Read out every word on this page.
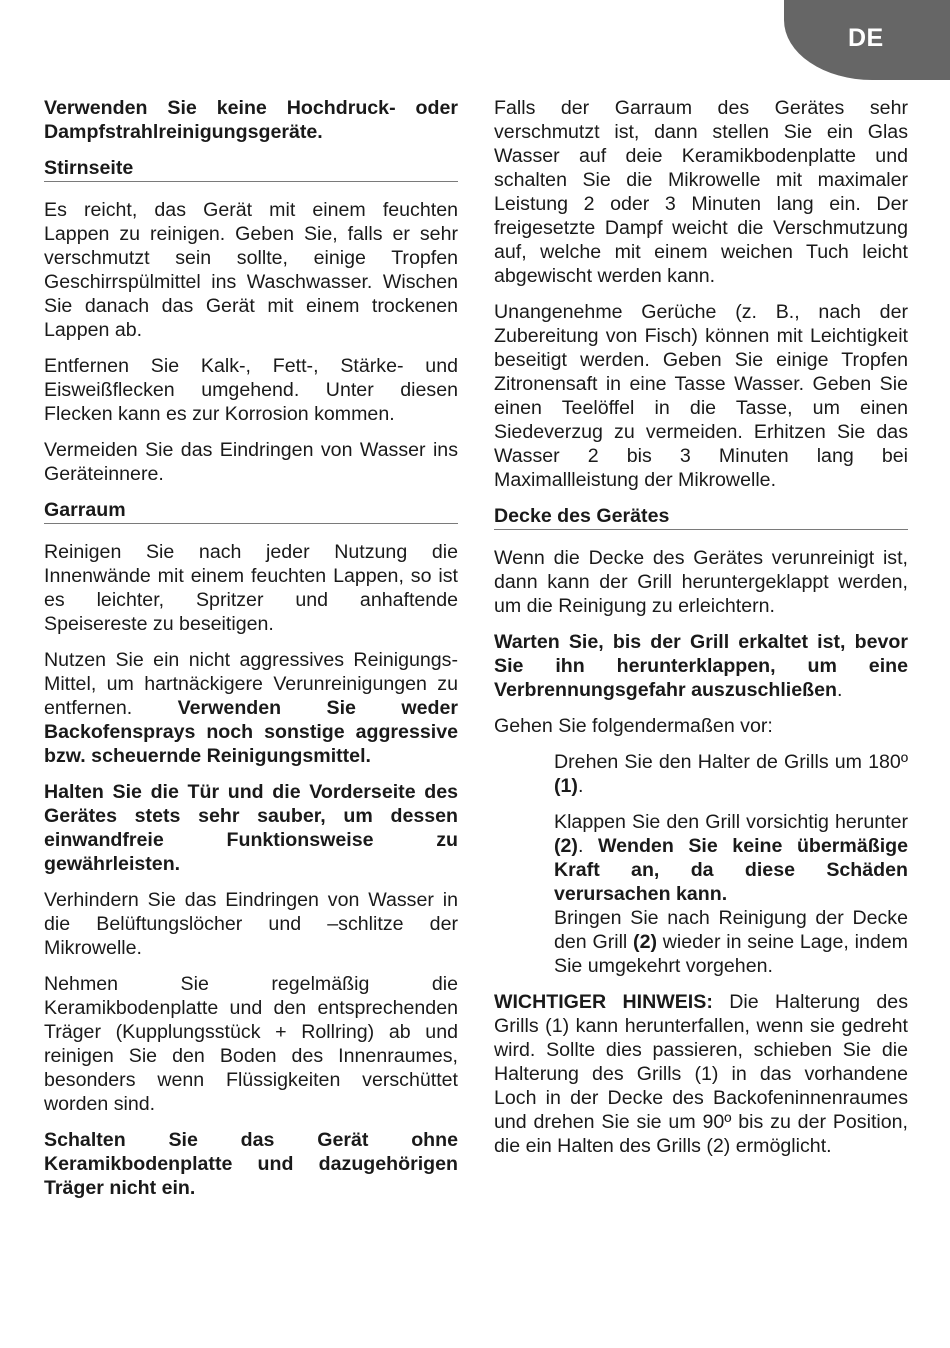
DE

Verwenden Sie keine Hochdruck- oder Dampfstrahlreinigungsgeräte.

Stirnseite

Es reicht, das Gerät mit einem feuchten Lappen zu reinigen. Geben Sie, falls er sehr verschmutzt sein sollte, einige Tropfen Geschirrspülmittel ins Waschwasser. Wischen Sie danach das Gerät mit einem trockenen Lappen ab.

Entfernen Sie Kalk-, Fett-, Stärke- und Eisweißflecken umgehend. Unter diesen Flecken kann es zur Korrosion kommen.

Vermeiden Sie das Eindringen von Wasser ins Geräteinnere.

Garraum

Reinigen Sie nach jeder Nutzung die Innenwände mit einem feuchten Lappen, so ist es leichter, Spritzer und anhaftende Speisereste zu beseitigen.

Nutzen Sie ein nicht aggressives Reinigungs-Mittel, um hartnäckigere Verunreinigungen zu entfernen. Verwenden Sie weder Backofensprays noch sonstige aggressive bzw. scheuernde Reinigungsmittel.

Halten Sie die Tür und die Vorderseite des Gerätes stets sehr sauber, um dessen einwandfreie Funktionsweise zu gewährleisten.

Verhindern Sie das Eindringen von Wasser in die Belüftungslöcher und –schlitze der Mikrowelle.

Nehmen Sie regelmäßig die Keramikbodenplatte und den entsprechenden Träger (Kupplungsstück + Rollring) ab und reinigen Sie den Boden des Innenraumes, besonders wenn Flüssigkeiten verschüttet worden sind.

Schalten Sie das Gerät ohne Keramikbodenplatte und dazugehörigen Träger nicht ein.

Falls der Garraum des Gerätes sehr verschmutzt ist, dann stellen Sie ein Glas Wasser auf deie Keramikbodenplatte und schalten Sie die Mikrowelle mit maximaler Leistung 2 oder 3 Minuten lang ein. Der freigesetzte Dampf weicht die Verschmutzung auf, welche mit einem weichen Tuch leicht abgewischt werden kann.

Unangenehme Gerüche (z. B., nach der Zubereitung von Fisch) können mit Leichtigkeit beseitigt werden. Geben Sie einige Tropfen Zitronensaft in eine Tasse Wasser. Geben Sie einen Teelöffel in die Tasse, um einen Siedeverzug zu vermeiden. Erhitzen Sie das Wasser 2 bis 3 Minuten lang bei Maximallleistung der Mikrowelle.

Decke des Gerätes

Wenn die Decke des Gerätes verunreinigt ist, dann kann der Grill heruntergeklappt werden, um die Reinigung zu erleichtern.

Warten Sie, bis der Grill erkaltet ist, bevor Sie ihn herunterklappen, um eine Verbrennungsgefahr auszuschließen.

Gehen Sie folgendermaßen vor:

Drehen Sie den Halter de Grills um 180º (1).

Klappen Sie den Grill vorsichtig herunter (2). Wenden Sie keine übermäßige Kraft an, da diese Schäden verursachen kann.

Bringen Sie nach Reinigung der Decke den Grill (2) wieder in seine Lage, indem Sie umgekehrt vorgehen.

WICHTIGER HINWEIS: Die Halterung des Grills (1) kann herunterfallen, wenn sie gedreht wird. Sollte dies passieren, schieben Sie die Halterung des Grills (1) in das vorhandene Loch in der Decke des Backofeninnenraumes und drehen Sie sie um 90º bis zu der Position, die ein Halten des Grills (2) ermöglicht.
